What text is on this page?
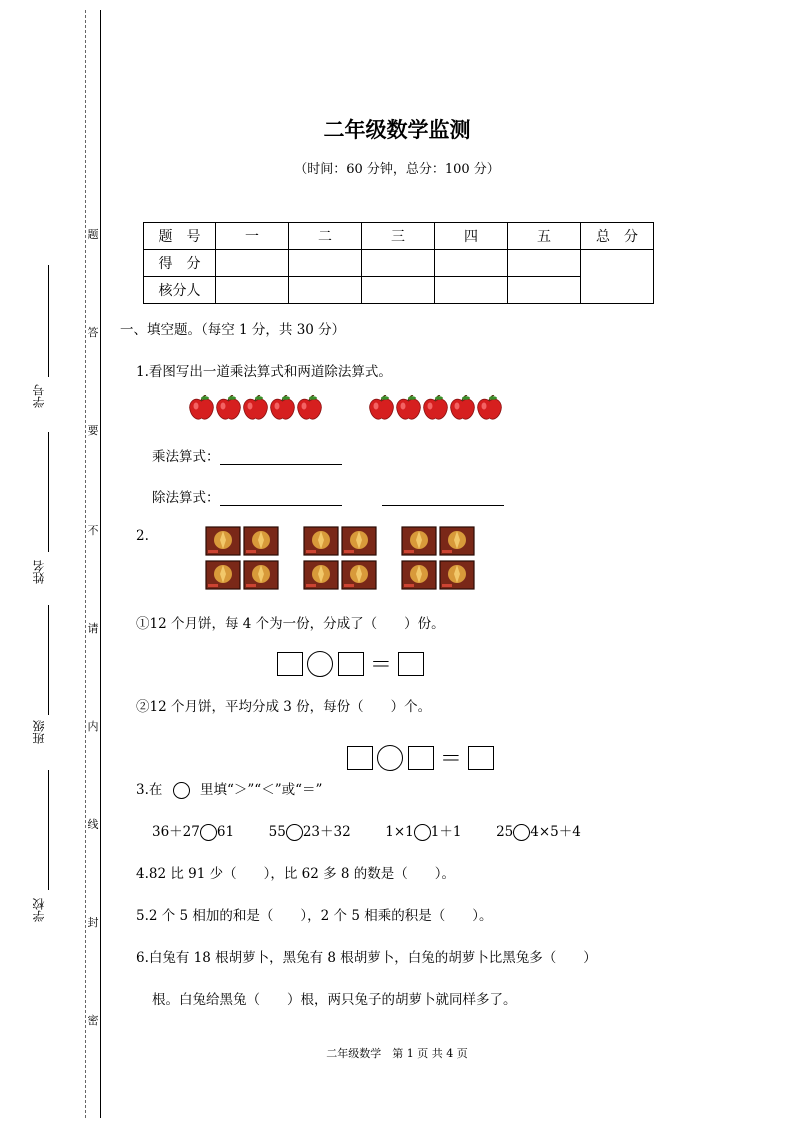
题
答
要
不
请
内
线
封
密
学号
姓名
班级
学校
二年级数学监测
（时间：60 分钟，总分：100 分）
题　号	一	二	三	四	五	总　分
得　分						
核分人						
一、填空题。（每空 1 分，共 30 分）
1.看图写出一道乘法算式和两道除法算式。
乘法算式：
除法算式：
2.
①12 个月饼，每 4 个为一份，分成了（　　）份。
＝
②12 个月饼，平均分成 3 份，每份（　　）个。
＝
3.在	里填“＞”“＜”或“＝”
36＋27 61	55 23＋32	1×1 1＋1	25 4×5＋4
4.82 比 91 少（　　），比 62 多 8 的数是（　　）。
5.2 个 5 相加的和是（　　），2 个 5 相乘的积是（　　）。
6.白兔有 18 根胡萝卜，黑兔有 8 根胡萝卜，白兔的胡萝卜比黑兔多（　　）
根。白兔给黑兔（　　）根，两只兔子的胡萝卜就同样多了。
二年级数学　第 1 页 共 4 页
